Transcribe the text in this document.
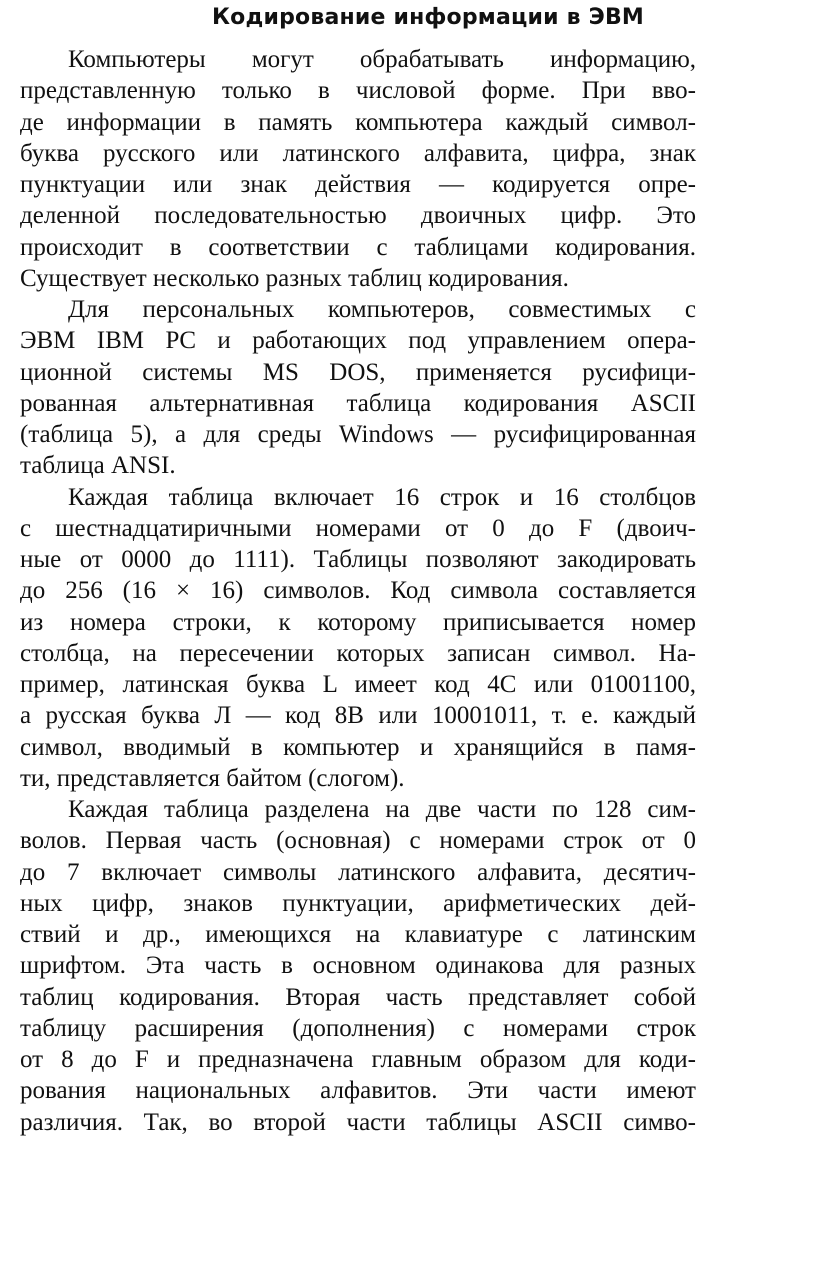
Кодирование информации в ЭВМ
Компьютеры могут обрабатывать информацию,
представленную только в числовой форме. При вво-
де информации в память компьютера каждый символ-
буква русского или латинского алфавита, цифра, знак
пунктуации или знак действия — кодируется опре-
деленной последовательностью двоичных цифр. Это
происходит в соответствии с таблицами кодирования.
Существует несколько разных таблиц кодирования.
Для персональных компьютеров, совместимых с
ЭВМ IBM PC и работающих под управлением опера-
ционной системы MS DOS, применяется русифици-
рованная альтернативная таблица кодирования ASCII
(таблица 5), а для среды Windows — русифицированная
таблица ANSI.
Каждая таблица включает 16 строк и 16 столбцов
с шестнадцатиричными номерами от 0 до F (двоич-
ные от 0000 до 1111). Таблицы позволяют закодировать
до 256 (16 × 16) символов. Код символа составляется
из номера строки, к которому приписывается номер
столбца, на пересечении которых записан символ. На-
пример, латинская буква L имеет код 4C или 01001100,
а русская буква Л — код 8B или 10001011, т. е. каждый
символ, вводимый в компьютер и хранящийся в памя-
ти, представляется байтом (слогом).
Каждая таблица разделена на две части по 128 сим-
волов. Первая часть (основная) с номерами строк от 0
до 7 включает символы латинского алфавита, десятич-
ных цифр, знаков пунктуации, арифметических дей-
ствий и др., имеющихся на клавиатуре с латинским
шрифтом. Эта часть в основном одинакова для разных
таблиц кодирования. Вторая часть представляет собой
таблицу расширения (дополнения) с номерами строк
от 8 до F и предназначена главным образом для коди-
рования национальных алфавитов. Эти части имеют
различия. Так, во второй части таблицы ASCII симво-
